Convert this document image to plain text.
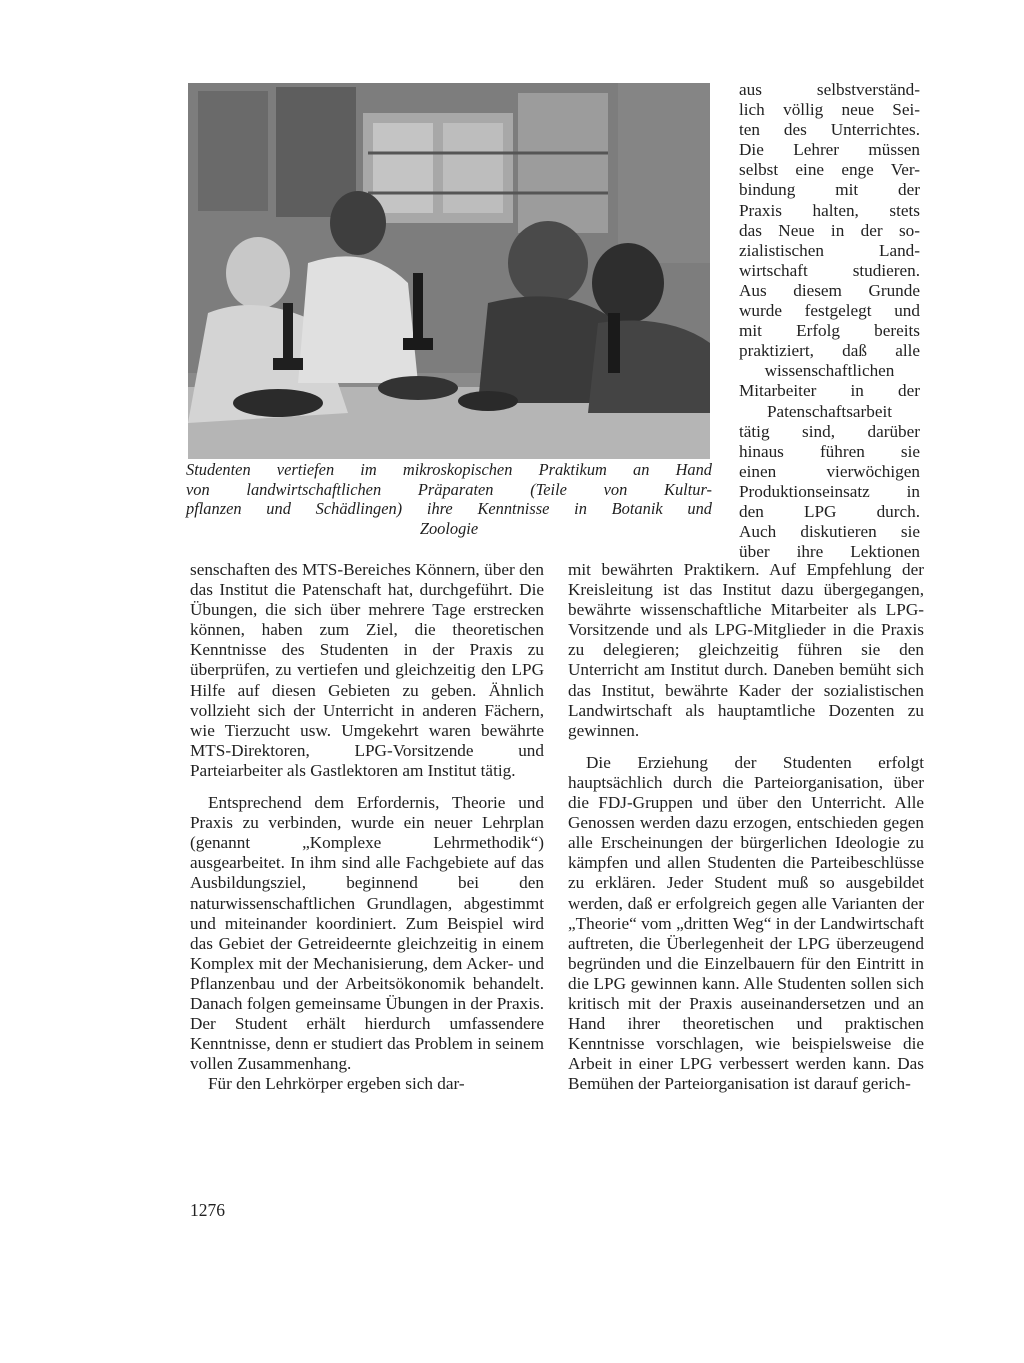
Studenten vertiefen im mikroskopischen Praktikum an Hand
von landwirtschaftlichen Präparaten (Teile von Kultur-
pflanzen und Schädlingen) ihre Kenntnisse in Botanik und
Zoologie
aus selbstverständ-
lich völlig neue Sei-
ten des Unterrichtes.
Die Lehrer müssen
selbst eine enge Ver-
bindung mit der
Praxis halten, stets
das Neue in der so-
zialistischen Land-
wirtschaft studieren.
Aus diesem Grunde
wurde festgelegt und
mit Erfolg bereits
praktiziert, daß alle
wissenschaftlichen
Mitarbeiter in der
Patenschaftsarbeit
tätig sind, darüber
hinaus führen sie
einen vierwöchigen
Produktionseinsatz in
den LPG durch.
Auch diskutieren sie
über ihre Lektionen

senschaften des MTS-Bereiches Könnern, über den das Institut die Patenschaft hat, durchgeführt. Die Übungen, die sich über mehrere Tage erstrecken können, haben zum Ziel, die theoretischen Kenntnisse des Studenten in der Praxis zu überprüfen, zu vertiefen und gleichzeitig den LPG Hilfe auf diesen Gebieten zu geben. Ähnlich vollzieht sich der Unterricht in anderen Fächern, wie Tierzucht usw. Umgekehrt waren bewährte MTS-Direktoren, LPG-Vorsitzende und Parteiarbeiter als Gastlektoren am Institut tätig.

Entsprechend dem Erfordernis, Theorie und Praxis zu verbinden, wurde ein neuer Lehrplan (genannt „Komplexe Lehrmethodik“) ausgearbeitet. In ihm sind alle Fachgebiete auf das Ausbildungsziel, beginnend bei den naturwissenschaftlichen Grundlagen, abgestimmt und miteinander koordiniert. Zum Beispiel wird das Gebiet der Getreideernte gleichzeitig in einem Komplex mit der Mechanisierung, dem Acker- und Pflanzenbau und der Arbeitsökonomik behandelt. Danach folgen gemeinsame Übungen in der Praxis. Der Student erhält hierdurch umfassendere Kenntnisse, denn er studiert das Problem in seinem vollen Zusammenhang.

Für den Lehrkörper ergeben sich dar-

mit bewährten Praktikern. Auf Empfehlung der Kreisleitung ist das Institut dazu übergegangen, bewährte wissenschaftliche Mitarbeiter als LPG-Vorsitzende und als LPG-Mitglieder in die Praxis zu delegieren; gleichzeitig führen sie den Unterricht am Institut durch. Daneben bemüht sich das Institut, bewährte Kader der sozialistischen Landwirtschaft als hauptamtliche Dozenten zu gewinnen.

Die Erziehung der Studenten erfolgt hauptsächlich durch die Parteiorganisation, über die FDJ-Gruppen und über den Unterricht. Alle Genossen werden dazu erzogen, entschieden gegen alle Erscheinungen der bürgerlichen Ideologie zu kämpfen und allen Studenten die Parteibeschlüsse zu erklären. Jeder Student muß so ausgebildet werden, daß er erfolgreich gegen alle Varianten der „Theorie“ vom „dritten Weg“ in der Landwirtschaft auftreten, die Überlegenheit der LPG überzeugend begründen und die Einzelbauern für den Eintritt in die LPG gewinnen kann. Alle Studenten sollen sich kritisch mit der Praxis auseinandersetzen und an Hand ihrer theoretischen und praktischen Kenntnisse vorschlagen, wie beispielsweise die Arbeit in einer LPG verbessert werden kann. Das Bemühen der Parteiorganisation ist darauf gerich-

1276
